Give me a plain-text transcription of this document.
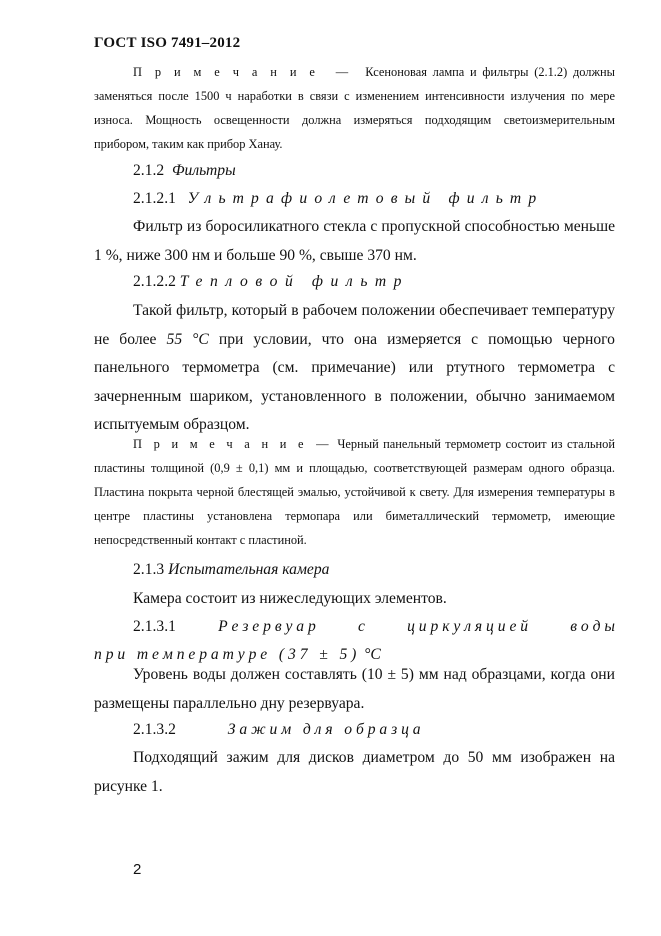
ГОСТ ISO 7491–2012
П р и м е ч а н и е — Ксеноновая лампа и фильтры (2.1.2) должны заменяться после 1500 ч наработки в связи с изменением интенсивности излучения по мере износа. Мощность освещенности должна измеряться подходящим светоизмерительным прибором, таким как прибор Ханау.
2.1.2 Фильтры
2.1.2.1 Ультрафиолетовый фильтр
Фильтр из боросиликатного стекла с пропускной способностью меньше 1 %, ниже 300 нм и больше 90 %, свыше 370 нм.
2.1.2.2 Тепловой фильтр
Такой фильтр, который в рабочем положении обеспечивает температуру не более 55 °C при условии, что она измеряется с помощью черного панельного термометра (см. примечание) или ртутного термометра с зачерненным шариком, установленного в положении, обычно занимаемом испытуемым образцом.
П р и м е ч а н и е — Черный панельный термометр состоит из стальной пластины толщиной (0,9 ± 0,1) мм и площадью, соответствующей размерам одного образца. Пластина покрыта черной блестящей эмалью, устойчивой к свету. Для измерения температуры в центре пластины установлена термопара или биметаллический термометр, имеющие непосредственный контакт с пластиной.
2.1.3 Испытательная камера
Камера состоит из нижеследующих элементов.
2.1.3.1	Р е з е р в у а р	с	ц и р к у л я ц и е й	в о д ы
п р и   т е м п е р а т у р е   ( 3 7   ±   5 )  °С
Уровень воды должен составлять (10 ± 5) мм над образцами, когда они размещены параллельно дну резервуара.
2.1.3.2	З а ж и м   д л я   о б р а з ц а
Подходящий зажим для дисков диаметром до 50 мм изображен на рисунке 1.
2
